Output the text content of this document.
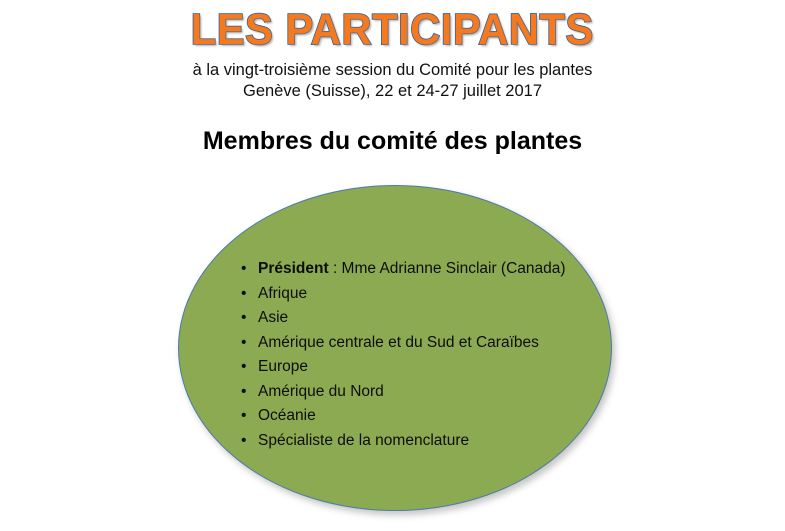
LES PARTICIPANTS
à la vingt-troisième session du Comité pour les plantes
Genève (Suisse), 22 et 24-27 juillet 2017
Membres du comité des plantes
• Président : Mme Adrianne Sinclair (Canada)
• Afrique
• Asie
• Amérique centrale et du Sud et Caraïbes
• Europe
• Amérique du Nord
• Océanie
• Spécialiste de la nomenclature
